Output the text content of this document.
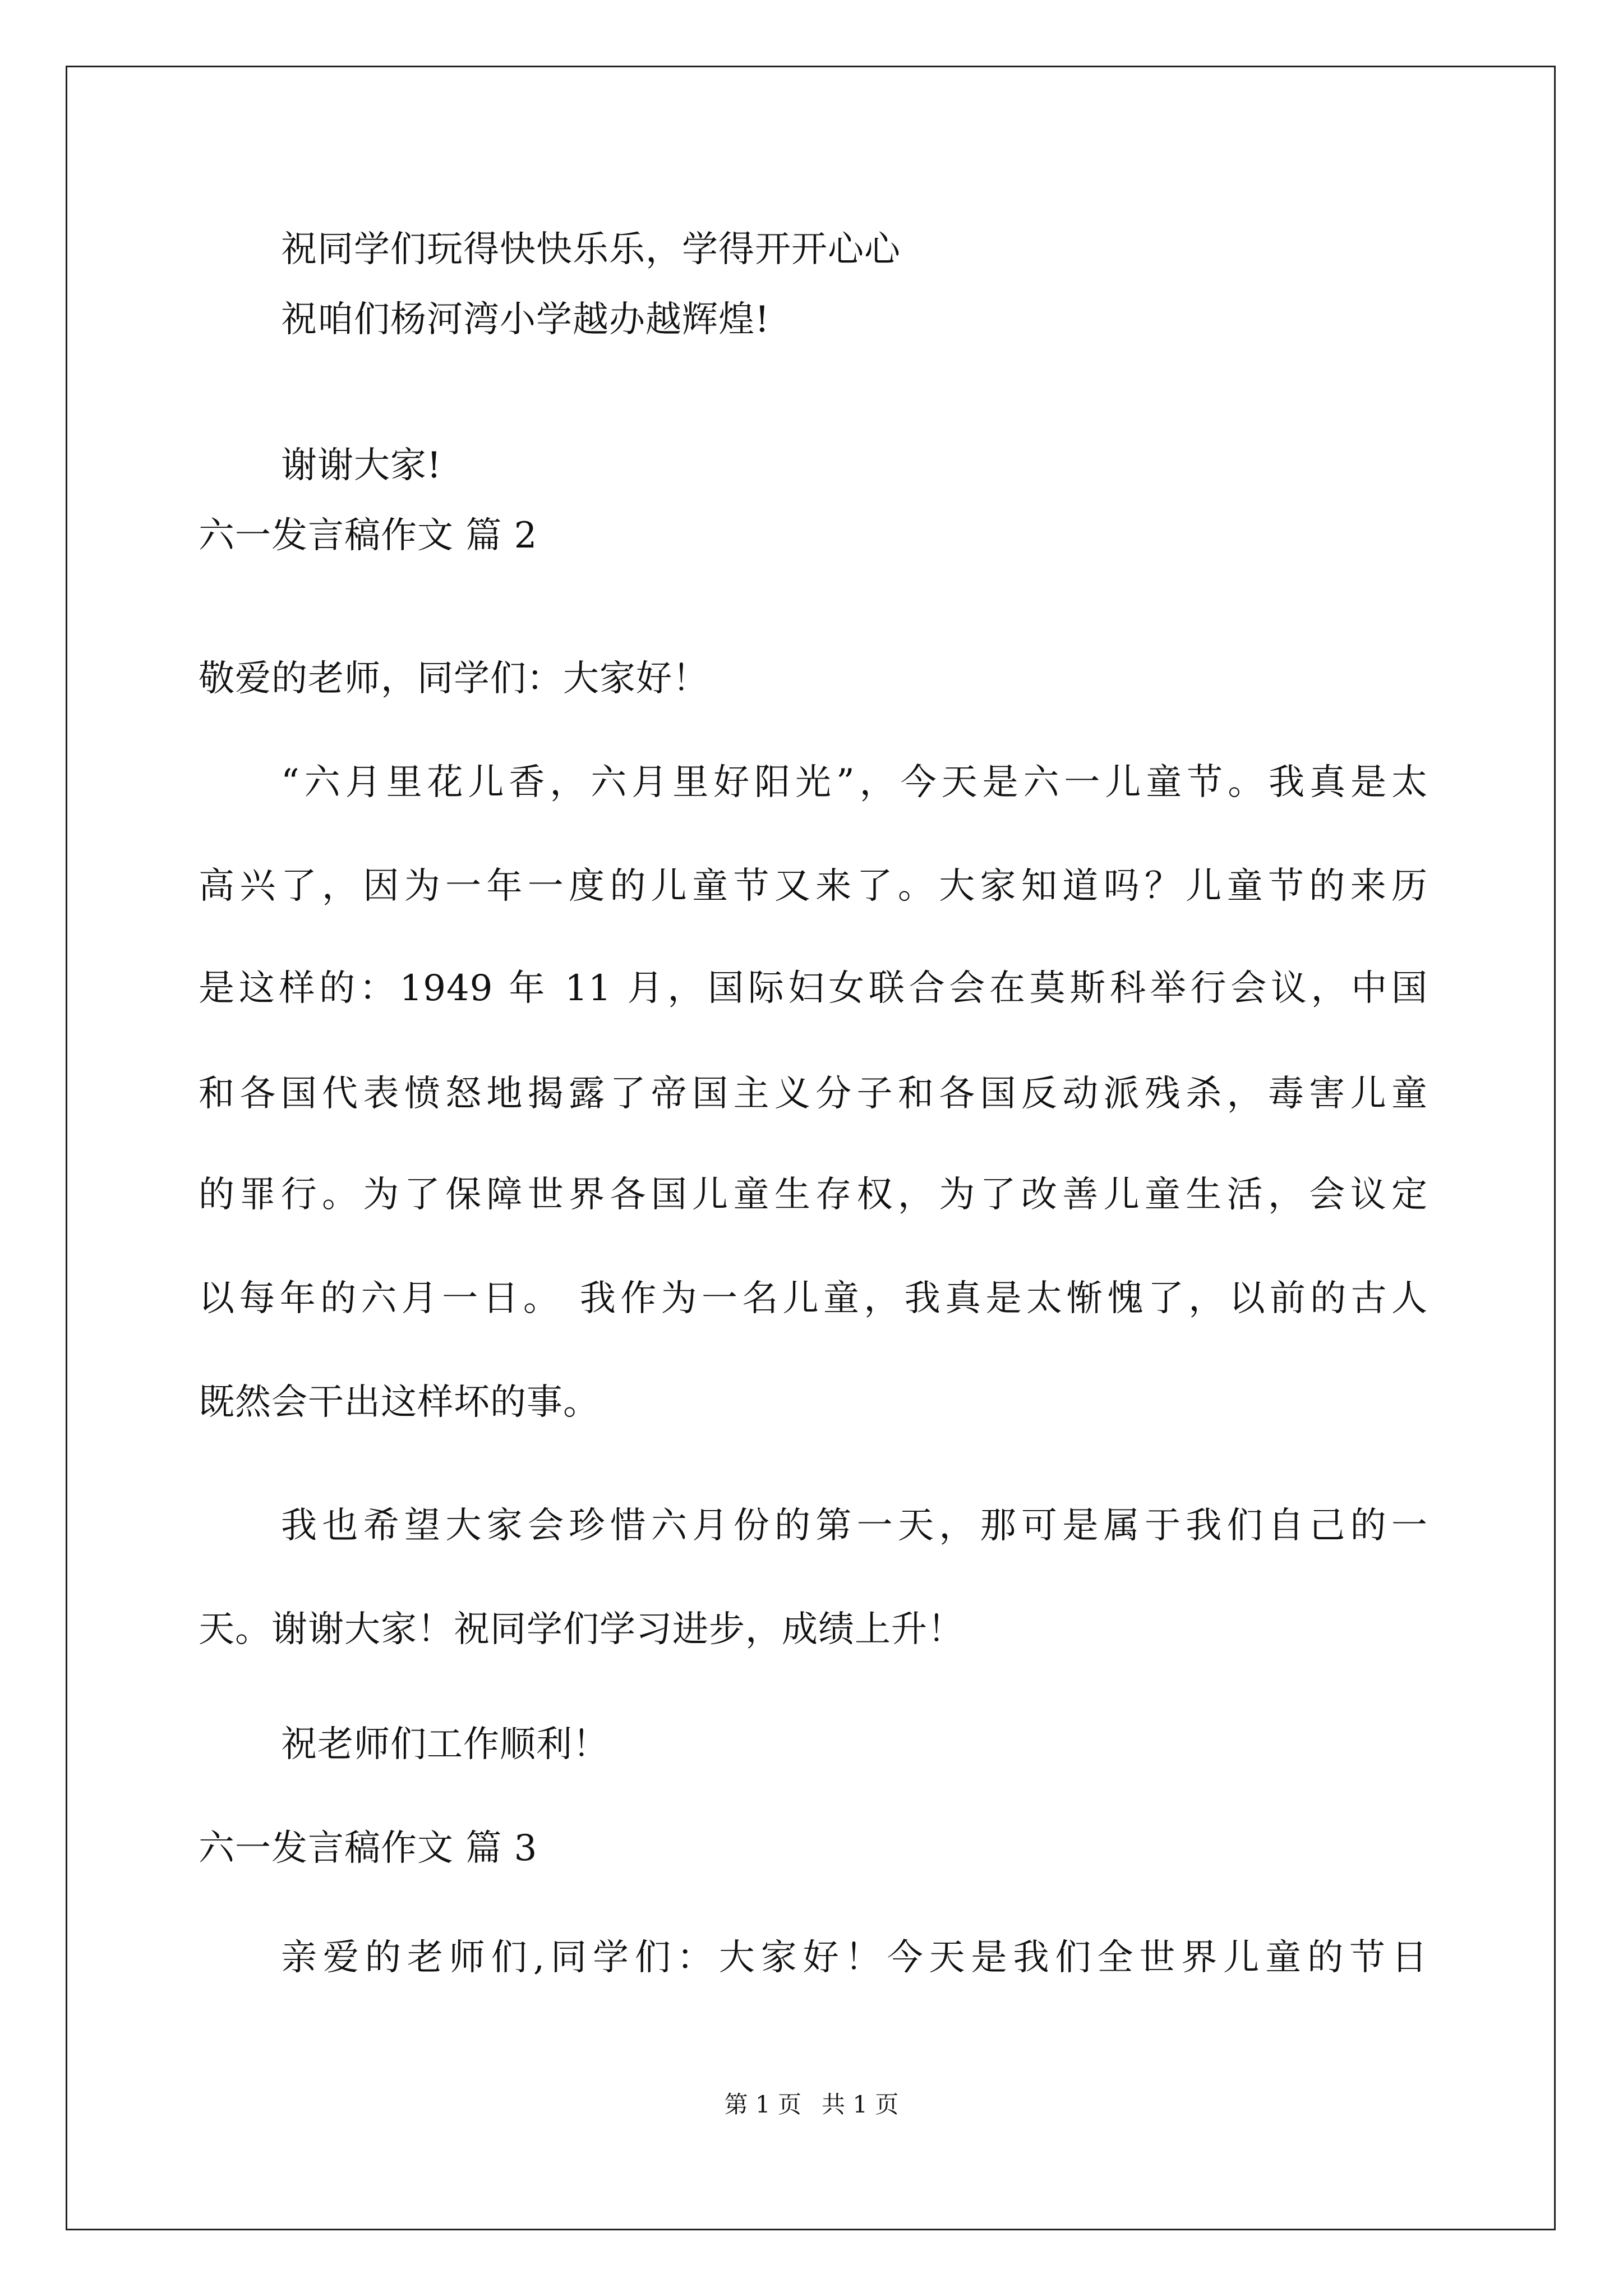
祝同学们玩得快快乐乐，学得开开心心
祝咱们杨河湾小学越办越辉煌!
谢谢大家!
六一发言稿作文 篇 2
敬爱的老师，同学们：大家好！
“六月里花儿香，六月里好阳光”，今天是六一儿童节。我真是太
高兴了，因为一年一度的儿童节又来了。大家知道吗？儿童节的来历
是这样的：1949 年 11 月，国际妇女联合会在莫斯科举行会议，中国
和各国代表愤怒地揭露了帝国主义分子和各国反动派残杀，毒害儿童
的罪行。为了保障世界各国儿童生存权，为了改善儿童生活，会议定
以每年的六月一日。 我作为一名儿童，我真是太惭愧了，以前的古人
既然会干出这样坏的事。
我也希望大家会珍惜六月份的第一天，那可是属于我们自己的一
天。谢谢大家！祝同学们学习进步，成绩上升！
祝老师们工作顺利！
六一发言稿作文 篇 3
亲爱的老师们,同学们：大家好！今天是我们全世界儿童的节日
第 1 页 共 1 页
